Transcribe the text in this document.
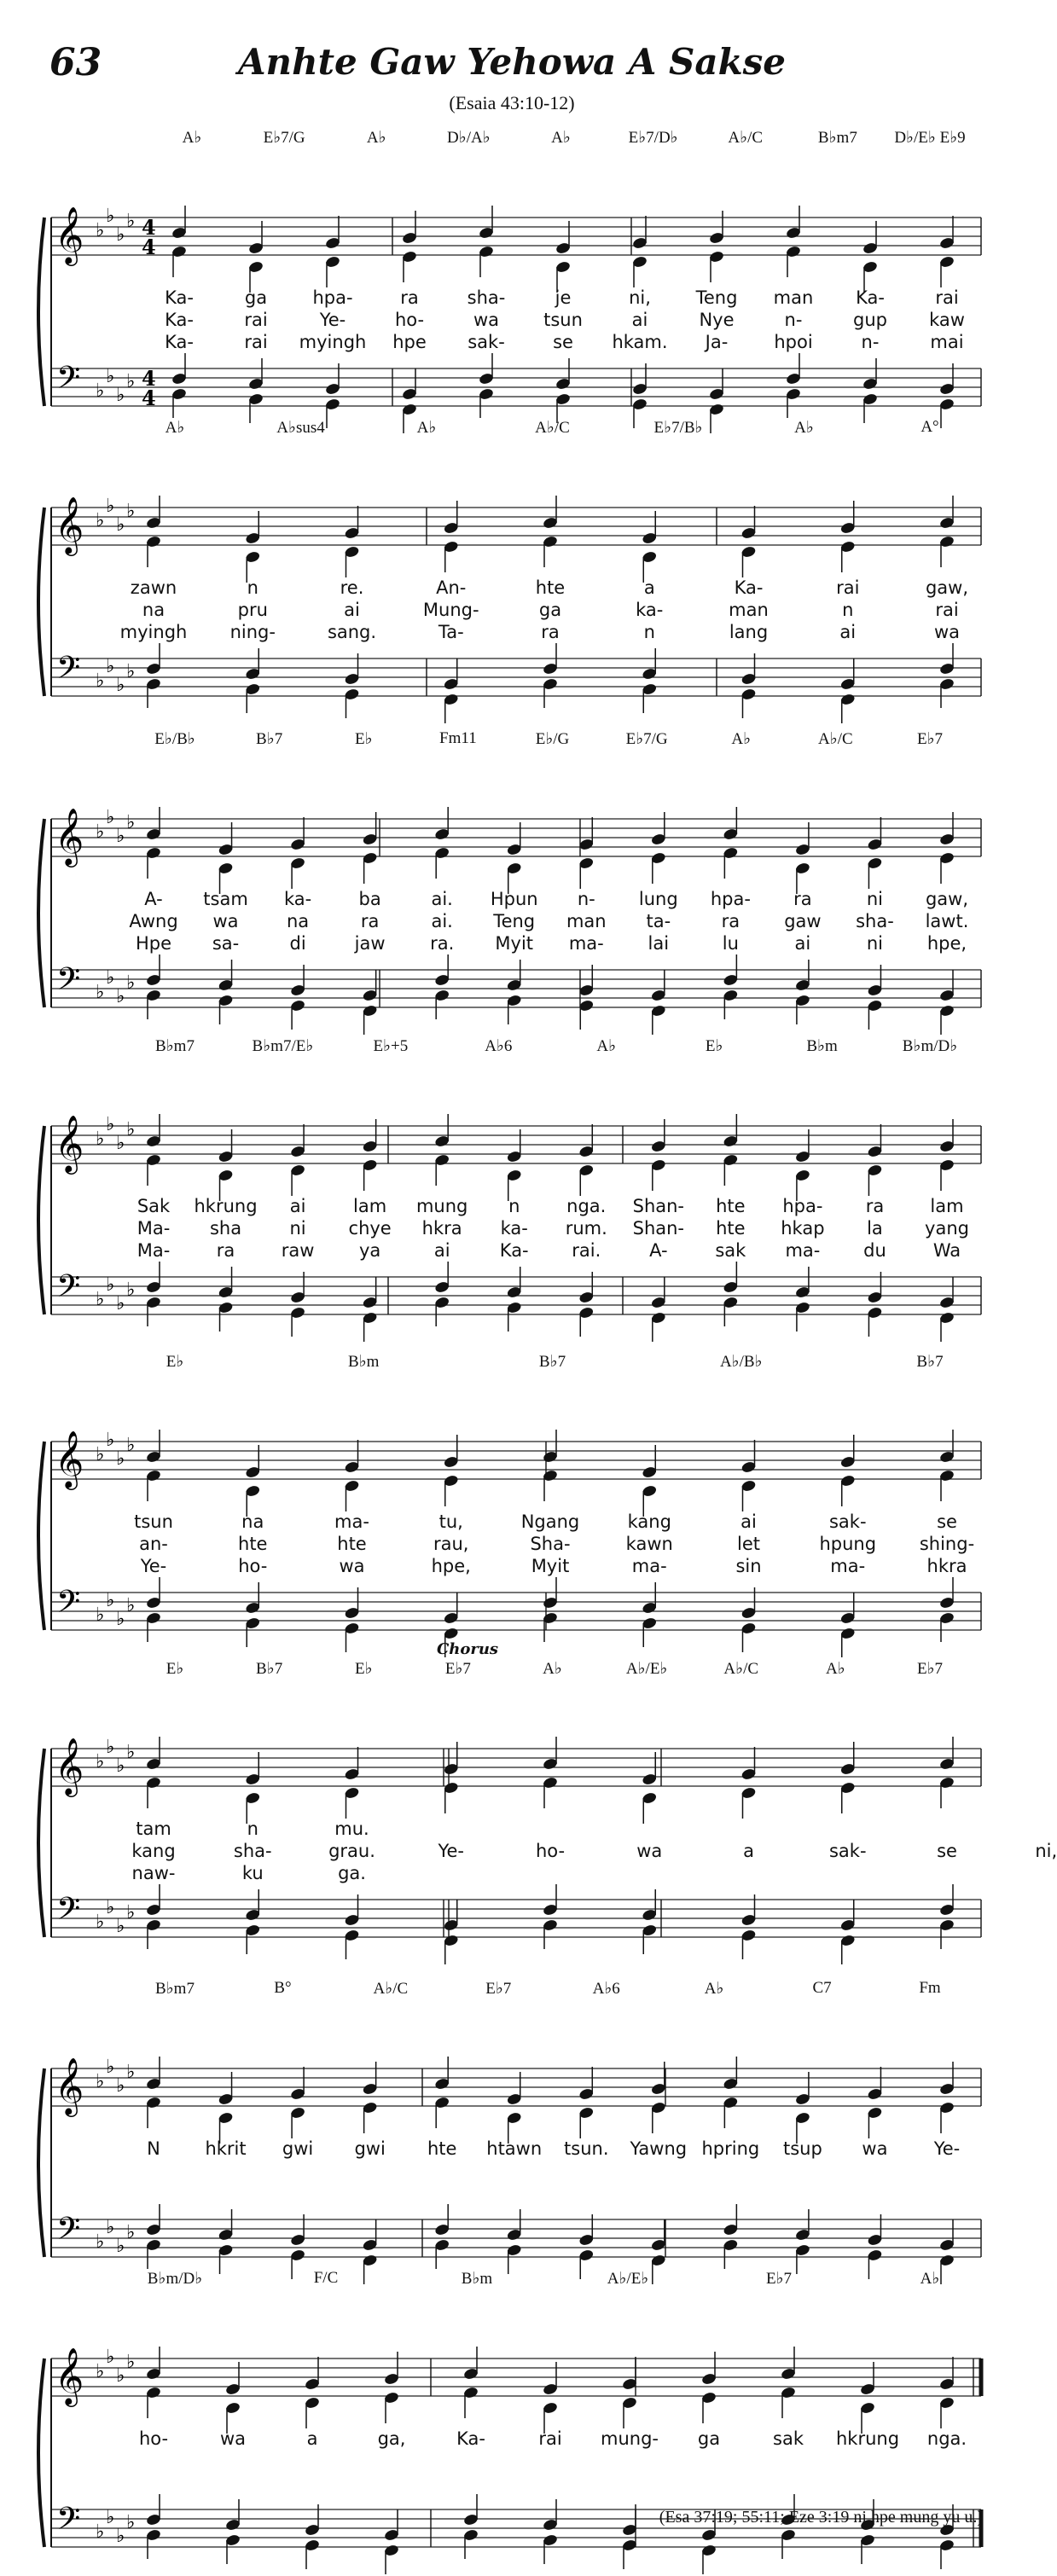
63	Anhte Gaw Yehowa A Sakse
(Esaia 43:10-12)
𝄞
𝄢
♭
♭
♭
♭
♭
♭
♭
♭
4
4
4
4
A♭	E♭7/G	A♭	D♭/A♭	A♭	E♭7/D♭	A♭/C	B♭m7 D♭/E♭ E♭9
Ka-	ga	hpa-	ra	sha-	je	ni,	Teng man Ka-	rai
Ka-	rai	Ye-	ho-	wa tsun	ai	Nye	n-	gup kaw
Ka-	rai myingh hpe sak-	se hkam. Ja-	hpoi	n-	mai
𝄞
𝄢
♭
♭
♭
♭
♭
♭
♭
♭
A♭	A♭sus4	A♭	A♭/C	E♭7/B♭	A♭	A°
zawn	n	re.	An-	hte	a	Ka-	rai	gaw,
na	pru	ai	Mung-	ga	ka-	man	n	rai
myingh ning-	sang.	Ta-	ra	n	lang	ai	wa
𝄞
𝄢
♭
♭
♭
♭
♭
♭
♭
♭
E♭/B♭	B♭7	E♭	Fm11	E♭/G	E♭7/G	A♭	A♭/C	E♭7
A- tsam ka-	ba	ai. Hpun n- lung hpa- ra	ni gaw,
Awng wa	na	ra	ai. Teng man ta-	ra gaw sha- lawt.
Hpe sa-	di	jaw	ra. Myit ma- lai	lu	ai	ni hpe,
𝄞
𝄢
♭
♭
♭
♭
♭
♭
♭
♭
B♭m7	B♭m7/E♭	E♭+5	A♭6	A♭	E♭	B♭m	B♭m/D♭
Sak hkrung ai	lam mung n	nga. Shan- hte hpa- ra	lam
Ma- sha	ni chye hkra ka- rum. Shan- hte hkap la yang
Ma-	ra	raw	ya	ai	Ka- rai.	A-	sak ma- du	Wa
𝄞
𝄢
♭
♭
♭
♭
♭
♭
♭
♭
E♭	B♭m	B♭7	A♭/B♭	B♭7
tsun	na	ma-	tu,	Ngang	kang	ai	sak-	se
an-	hte	hte	rau,	Sha-	kawn	let	hpung shing-
Ye-	ho-	wa	hpe,	Myit	ma-	sin	ma-	hkra
𝄞
𝄢
♭
♭
♭
♭
♭
♭
♭
♭
E♭	B♭7	E♭	E♭7	A♭	A♭/E♭	A♭/C	A♭	E♭7
Chorus
tam	n	mu.
kang	sha-	grau.	Ye-	ho-	wa	a	sak-	se	ni,
naw-	ku	ga.
𝄞
𝄢
♭
♭
♭
♭
♭
♭
♭
♭
B♭m7	B°	A♭/C	E♭7	A♭6	A♭	C7	Fm
N	hkrit gwi gwi hte htawn tsun. Yawng hpring tsup wa	Ye-
𝄞
𝄢
♭
♭
♭
♭
♭
♭
♭
♭
B♭m/D♭	F/C	B♭m	A♭/E♭	E♭7	A♭
ho-	wa	a	ga,	Ka-	rai mung- ga	sak hkrung nga.
(Esa 37:19; 55:11; Eze 3:19 ni hpe mung yu u.)
